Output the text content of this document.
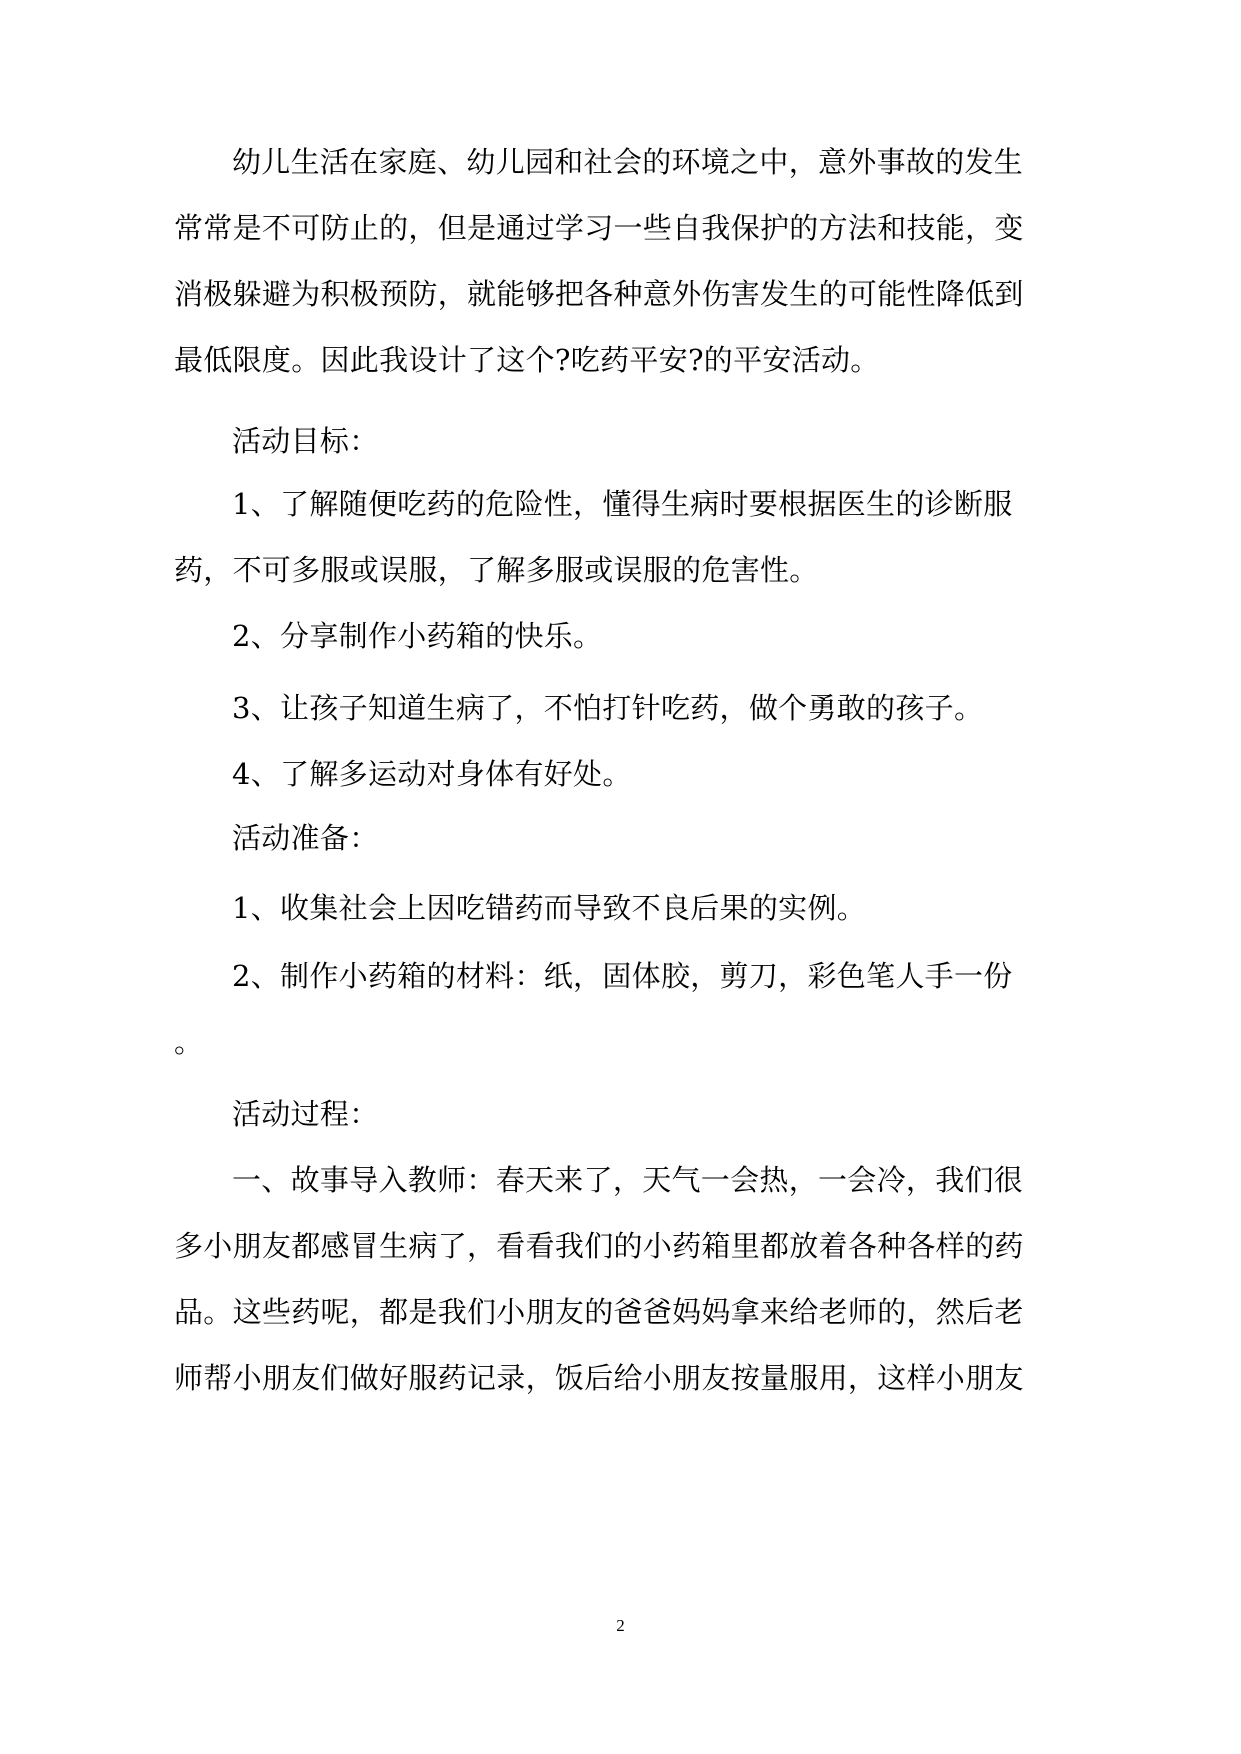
幼儿生活在家庭、幼儿园和社会的环境之中，意外事故的发生
常常是不可防止的，但是通过学习一些自我保护的方法和技能，变
消极躲避为积极预防，就能够把各种意外伤害发生的可能性降低到
最低限度。因此我设计了这个?吃药平安?的平安活动。
活动目标：
1、了解随便吃药的危险性，懂得生病时要根据医生的诊断服
药，不可多服或误服，了解多服或误服的危害性。
2、分享制作小药箱的快乐。
3、让孩子知道生病了，不怕打针吃药，做个勇敢的孩子。
4、了解多运动对身体有好处。
活动准备：
1、收集社会上因吃错药而导致不良后果的实例。
2、制作小药箱的材料：纸，固体胶，剪刀，彩色笔人手一份
。
活动过程：
一、故事导入教师：春天来了，天气一会热，一会冷，我们很
多小朋友都感冒生病了，看看我们的小药箱里都放着各种各样的药
品。这些药呢，都是我们小朋友的爸爸妈妈拿来给老师的，然后老
师帮小朋友们做好服药记录，饭后给小朋友按量服用，这样小朋友
2
